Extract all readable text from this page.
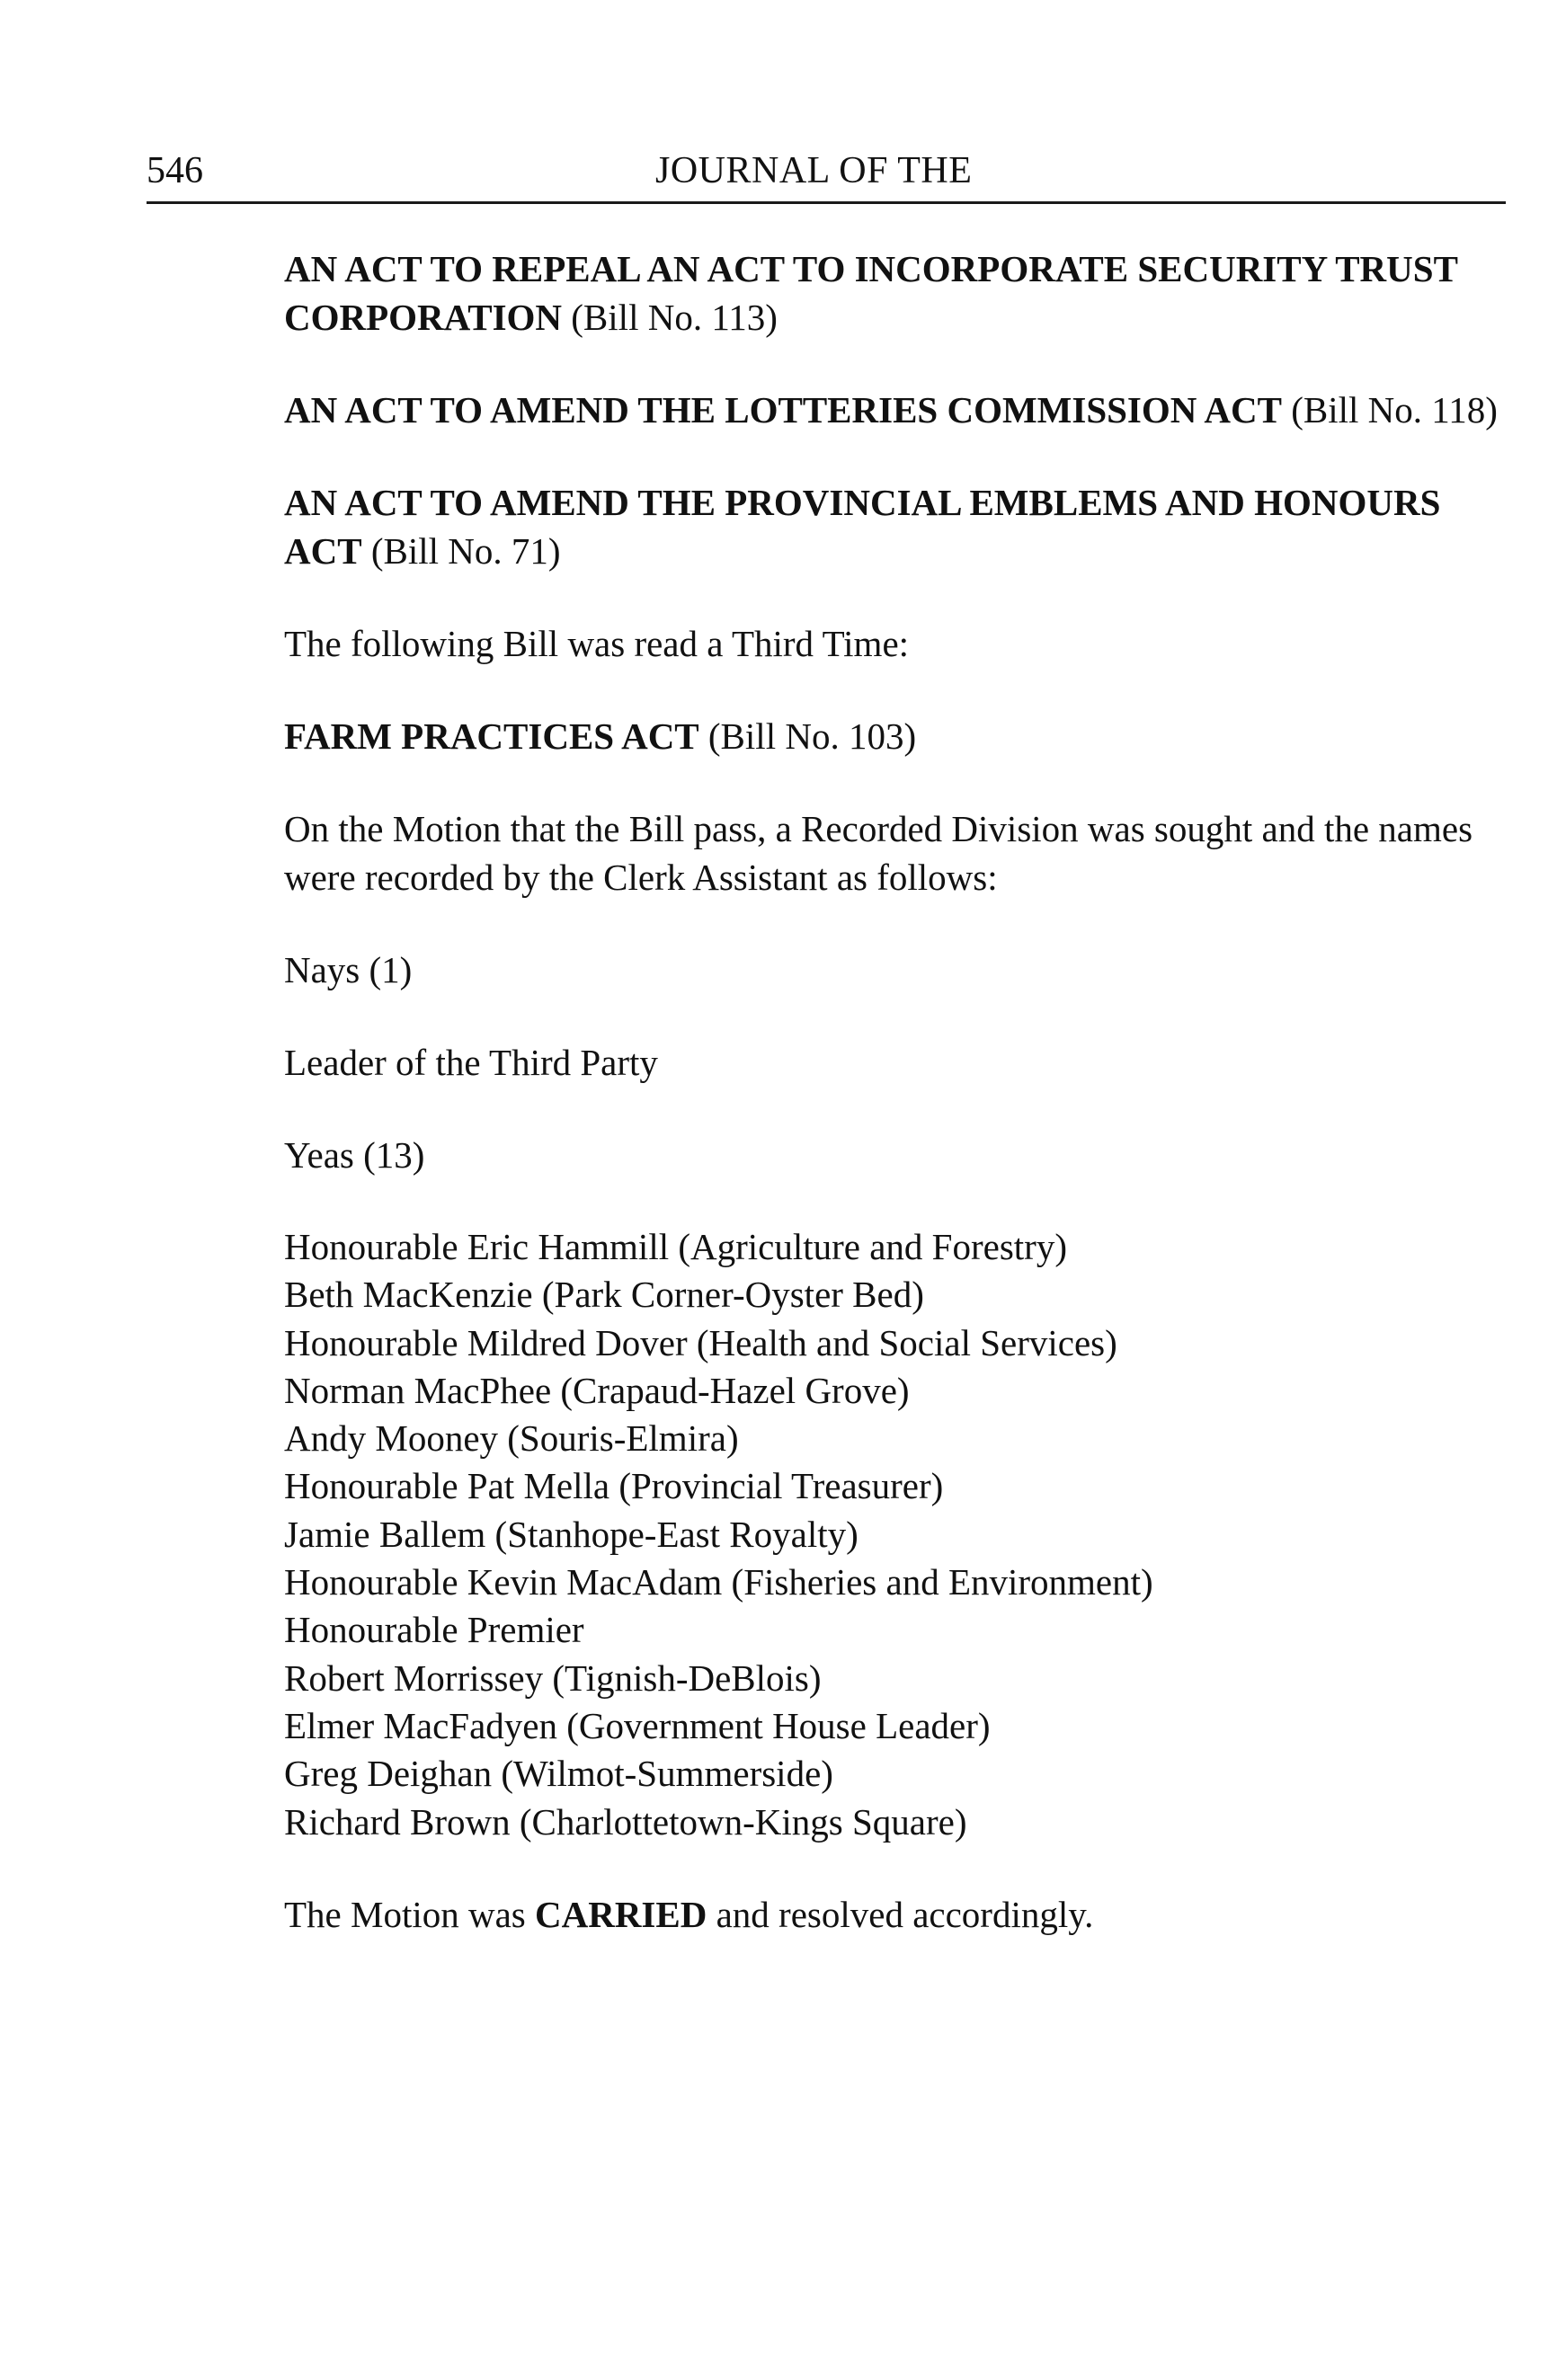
546	JOURNAL OF THE

AN ACT TO REPEAL AN ACT TO INCORPORATE SECURITY TRUST CORPORATION (Bill No. 113)

AN ACT TO AMEND THE LOTTERIES COMMISSION ACT (Bill No. 118)

AN ACT TO AMEND THE PROVINCIAL EMBLEMS AND HONOURS ACT (Bill No. 71)

The following Bill was read a Third Time:

FARM PRACTICES ACT (Bill No. 103)

On the Motion that the Bill pass, a Recorded Division was sought and the names were recorded by the Clerk Assistant as follows:

Nays (1)

Leader of the Third Party

Yeas (13)

Honourable Eric Hammill (Agriculture and Forestry)
Beth MacKenzie (Park Corner-Oyster Bed)
Honourable Mildred Dover (Health and Social Services)
Norman MacPhee (Crapaud-Hazel Grove)
Andy Mooney (Souris-Elmira)
Honourable Pat Mella (Provincial Treasurer)
Jamie Ballem (Stanhope-East Royalty)
Honourable Kevin MacAdam (Fisheries and Environment)
Honourable Premier
Robert Morrissey (Tignish-DeBlois)
Elmer MacFadyen (Government House Leader)
Greg Deighan (Wilmot-Summerside)
Richard Brown (Charlottetown-Kings Square)

The Motion was CARRIED and resolved accordingly.
